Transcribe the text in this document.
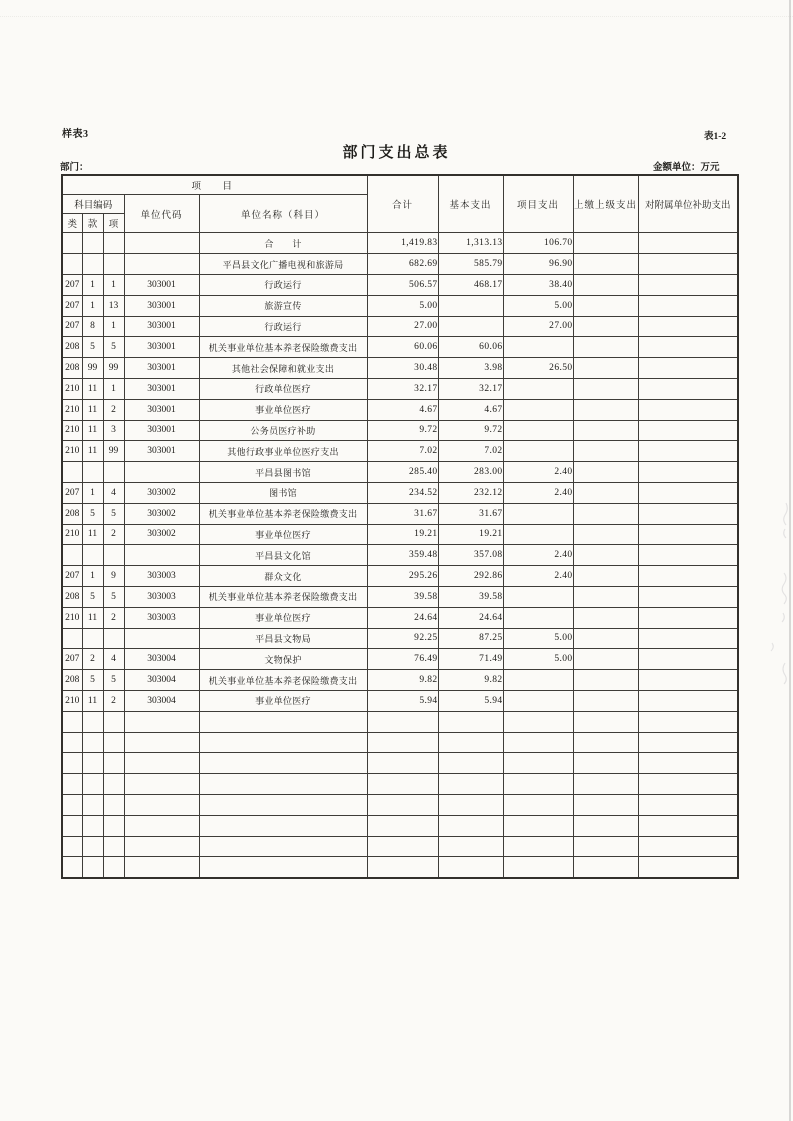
样表3	表1-2
部门支出总表
部门：	金额单位：万元
项　目					合计	基本支出	项目支出	上缴上级支出	对附属单位补助支出
科目编码			单位代码	单位名称（科目）					
类	款	项							
				合　　计	1,419.83	1,313.13	106.70		
				平昌县文化广播电视和旅游局	682.69	585.79	96.90		
207	1	1	303001	行政运行	506.57	468.17	38.40		
207	1	13	303001	旅游宣传	5.00		5.00		
207	8	1	303001	行政运行	27.00		27.00		
208	5	5	303001	机关事业单位基本养老保险缴费支出	60.06	60.06			
208	99	99	303001	其他社会保障和就业支出	30.48	3.98	26.50		
210	11	1	303001	行政单位医疗	32.17	32.17			
210	11	2	303001	事业单位医疗	4.67	4.67			
210	11	3	303001	公务员医疗补助	9.72	9.72			
210	11	99	303001	其他行政事业单位医疗支出	7.02	7.02			
				平昌县图书馆	285.40	283.00	2.40		
207	1	4	303002	图书馆	234.52	232.12	2.40		
208	5	5	303002	机关事业单位基本养老保险缴费支出	31.67	31.67			
210	11	2	303002	事业单位医疗	19.21	19.21			
				平昌县文化馆	359.48	357.08	2.40		
207	1	9	303003	群众文化	295.26	292.86	2.40		
208	5	5	303003	机关事业单位基本养老保险缴费支出	39.58	39.58			
210	11	2	303003	事业单位医疗	24.64	24.64			
				平昌县文物局	92.25	87.25	5.00		
207	2	4	303004	文物保护	76.49	71.49	5.00		
208	5	5	303004	机关事业单位基本养老保险缴费支出	9.82	9.82			
210	11	2	303004	事业单位医疗	5.94	5.94			
